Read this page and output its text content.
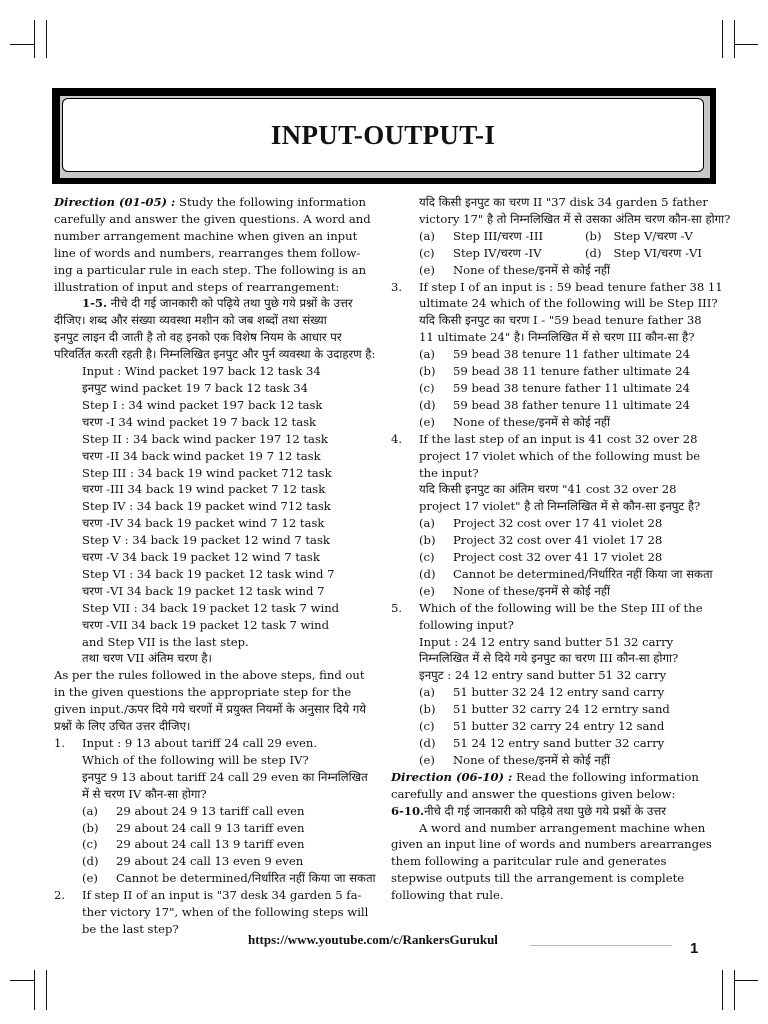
INPUT-OUTPUT-I

Direction (01-05) : Study the following information

carefully and answer the given questions. A word and

number arrangement machine when given an input

line of words and numbers, rearranges them follow-

ing a particular rule in each step. The following is an

illustration of input and steps of rearrangement:

1-5. नीचे दी गई जानकारी को पढ़िये तथा पुछे गये प्रश्नों के उत्तर

दीजिए। शब्द और संख्या व्यवस्था मशीन को जब शब्दों तथा संख्या

इनपुट लाइन दी जाती है तो वह इनको एक विशेष नियम के आधार पर

परिवर्तित करती रहती है। निम्नलिखित इनपुट और पुर्न व्यवस्था के उदाहरण है:

Input : Wind packet 197 back 12 task 34

इनपुट wind packet 19 7 back 12 task 34

Step I : 34 wind packet 197 back 12 task

चरण -I 34 wind packet 19 7 back 12 task

Step II : 34 back wind packer 197 12 task

चरण -II 34 back wind packet 19 7 12 task

Step III : 34 back 19 wind packet 712 task

चरण -III 34 back 19 wind packet 7 12 task

Step IV : 34 back 19 packet wind 712 task

चरण -IV 34 back 19 packet wind 7 12 task

Step V : 34 back 19 packet 12 wind 7 task

चरण -V 34 back 19 packet 12 wind 7 task

Step VI : 34 back 19 packet 12 task wind 7

चरण -VI 34 back 19 packet 12 task wind 7

Step VII : 34 back 19 packet 12 task 7 wind

चरण -VII 34 back 19 packet 12 task 7 wind

and Step VII is the last step.

तथा चरण VII अंतिम चरण है।

As per the rules followed in the above steps, find out

in the given questions the appropriate step for the

given input./ऊपर दिये गये चरणों में प्रयुक्त नियमों के अनुसार दिये गये

प्रश्नों के लिए उचित उत्तर दीजिए।

1. Input : 9 13 about tariff 24 call 29 even.

Which of the following will be step IV?

इनपुट 9 13 about tariff 24 call 29 even का निम्नलिखित

में से चरण IV कौन-सा होगा?

(a) 29 about 24 9 13 tariff call even

(b) 29 about 24 call 9 13 tariff even

(c) 29 about 24 call 13 9 tariff even

(d) 29 about 24 call 13 even 9 even

(e) Cannot be determined/निर्धारित नहीं किया जा सकता

2. If step II of an input is "37 desk 34 garden 5 fa-

ther victory 17", when of the following steps will

be the last step?

यदि किसी इनपुट का चरण II "37 disk 34 garden 5 father

victory 17" है तो निम्नलिखित में से उसका अंतिम चरण कौन-सा होगा?

(a) Step III/चरण -III	(b) Step V/चरण -V

(c) Step IV/चरण -IV	(d) Step VI/चरण -VI

(e) None of these/इनमें से कोई नहीं

3. If step I of an input is : 59 bead tenure father 38 11

ultimate 24 which of the following will be Step III?

यदि किसी इनपुट का चरण I - "59 bead tenure father 38

11 ultimate 24" है। निम्नलिखित में से चरण III कौन-सा है?

(a) 59 bead 38 tenure 11 father ultimate 24

(b) 59 bead 38 11 tenure father ultimate 24

(c) 59 bead 38 tenure father 11 ultimate 24

(d) 59 bead 38 father tenure 11 ultimate 24

(e) None of these/इनमें से कोई नहीं

4. If the last step of an input is 41 cost 32 over 28

project 17 violet which of the following must be

the input?

यदि किसी इनपुट का अंतिम चरण "41 cost 32 over 28

project 17 violet" है तो निम्नलिखित में से कौन-सा इनपुट है?

(a) Project 32 cost over 17 41 violet 28

(b) Project 32 cost over 41 violet 17 28

(c) Project cost 32 over 41 17 violet 28

(d) Cannot be determined/निर्धारित नहीं किया जा सकता

(e) None of these/इनमें से कोई नहीं

5. Which of the following will be the Step III of the

following input?

Input : 24 12 entry sand butter 51 32 carry

निम्नलिखित में से दिये गये इनपुट का चरण III कौन-सा होगा?

इनपुट : 24 12 entry sand butter 51 32 carry

(a) 51 butter 32 24 12 entry sand carry

(b) 51 butter 32 carry 24 12 erntry sand

(c) 51 butter 32 carry 24 entry 12 sand

(d) 51 24 12 entry sand butter 32 carry

(e) None of these/इनमें से कोई नहीं

Direction (06-10) : Read the following information

carefully and answer the questions given below:

6-10.नीचे दी गई जानकारी को पढ़िये तथा पुछे गये प्रश्नों के उत्तर

A word and number arrangement machine when

given an input line of words and numbers arearranges

them following a paritcular rule and generates

stepwise outputs till the arrangement is complete

following that rule.

https://www.youtube.com/c/RankersGurukul
1
